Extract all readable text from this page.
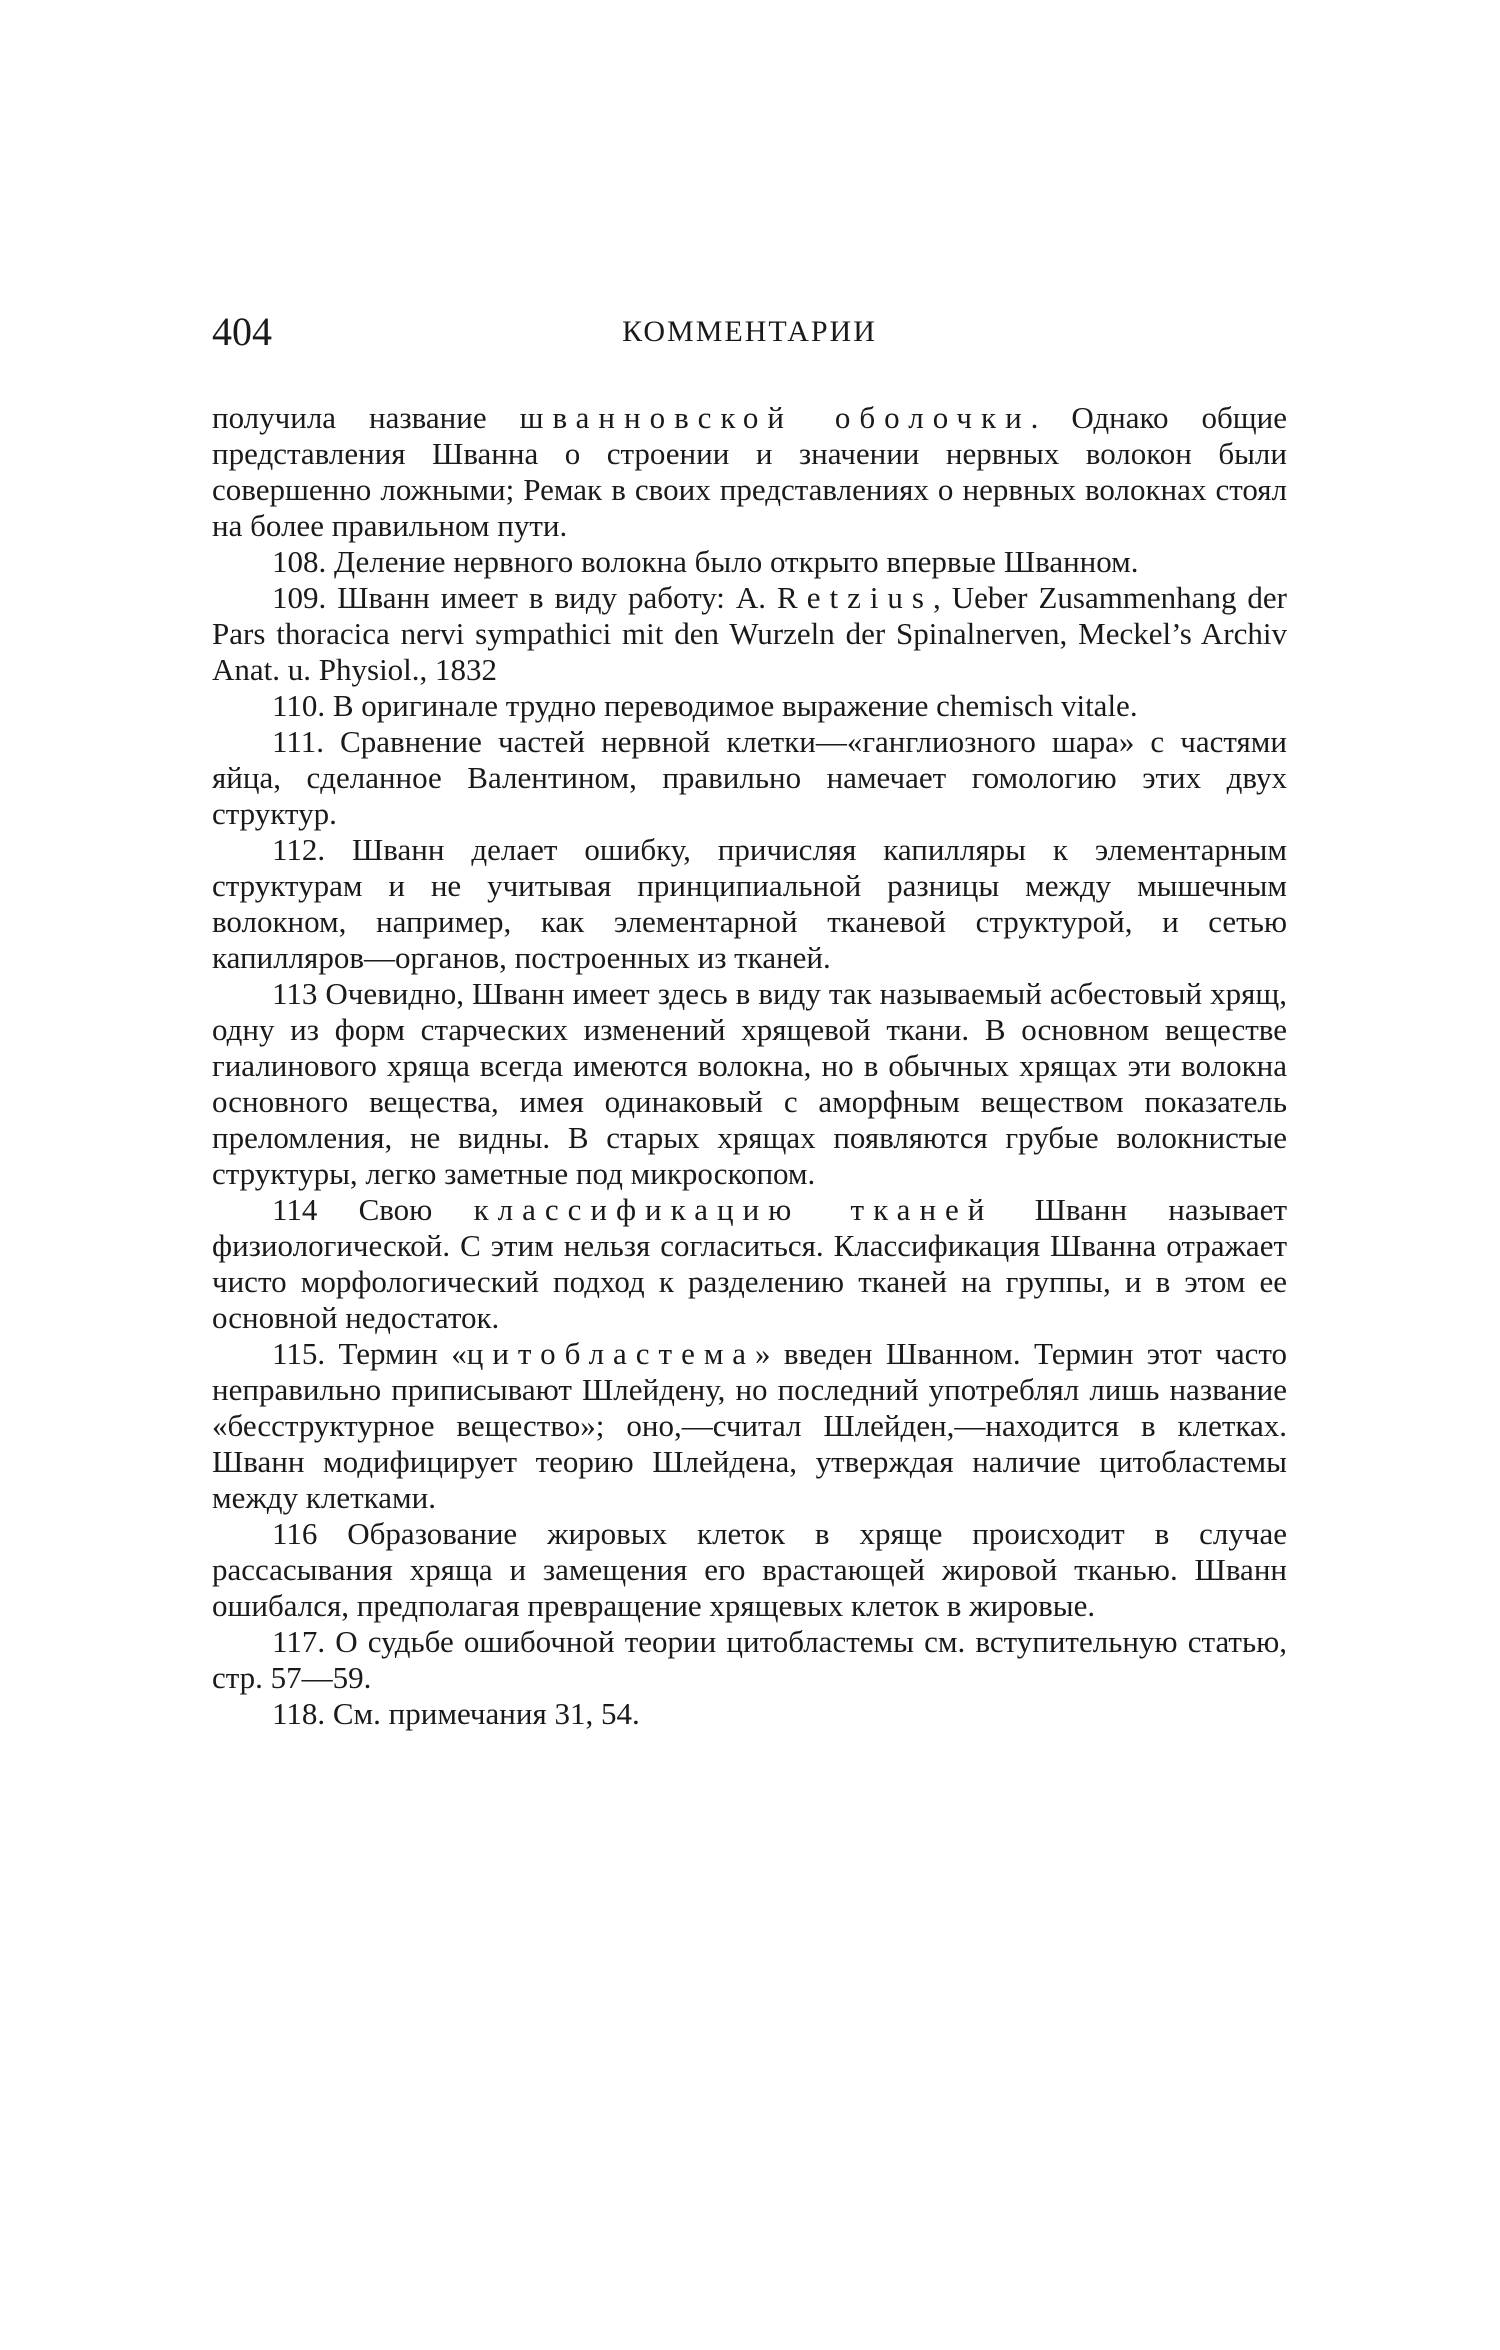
404	КОММЕНТАРИИ

получила название шванновской оболочки. Однако общие представления Шванна о строении и значении нервных волокон были совершенно ложными; Ремак в своих представлениях о нервных волокнах стоял на более правильном пути.

108. Деление нервного волокна было открыто впервые Шванном.

109. Шванн имеет в виду работу: A. Retzius, Ueber Zusammenhang der Pars thoracica nervi sympathici mit den Wurzeln der Spinalnerven, Meckel’s Archiv Anat. u. Physiol., 1832

110. В оригинале трудно переводимое выражение chemisch vitale.

111. Сравнение частей нервной клетки—«ганглиозного шара» с частями яйца, сделанное Валентином, правильно намечает гомологию этих двух структур.

112. Шванн делает ошибку, причисляя капилляры к элементарным структурам и не учитывая принципиальной разницы между мышечным волокном, например, как элементарной тканевой структурой, и сетью капилляров—органов, построенных из тканей.

113 Очевидно, Шванн имеет здесь в виду так называемый асбестовый хрящ, одну из форм старческих изменений хрящевой ткани. В основном веществе гиалинового хряща всегда имеются волокна, но в обычных хрящах эти волокна основного вещества, имея одинаковый с аморфным веществом показатель преломления, не видны. В старых хрящах появляются грубые волокнистые структуры, легко заметные под микроскопом.

114 Свою классификацию тканей Шванн называет физиологической. С этим нельзя согласиться. Классификация Шванна отражает чисто морфологический подход к разделению тканей на группы, и в этом ее основной недостаток.

115. Термин «цитобластема» введен Шванном. Термин этот часто неправильно приписывают Шлейдену, но последний употреблял лишь название «бесструктурное вещество»; оно,—считал Шлейден,—находится в клетках. Шванн модифицирует теорию Шлейдена, утверждая наличие цитобластемы между клетками.

116 Образование жировых клеток в хряще происходит в случае рассасывания хряща и замещения его врастающей жировой тканью. Шванн ошибался, предполагая превращение хрящевых клеток в жировые.

117. О судьбе ошибочной теории цитобластемы см. вступительную статью, стр. 57—59.

118. См. примечания 31, 54.
